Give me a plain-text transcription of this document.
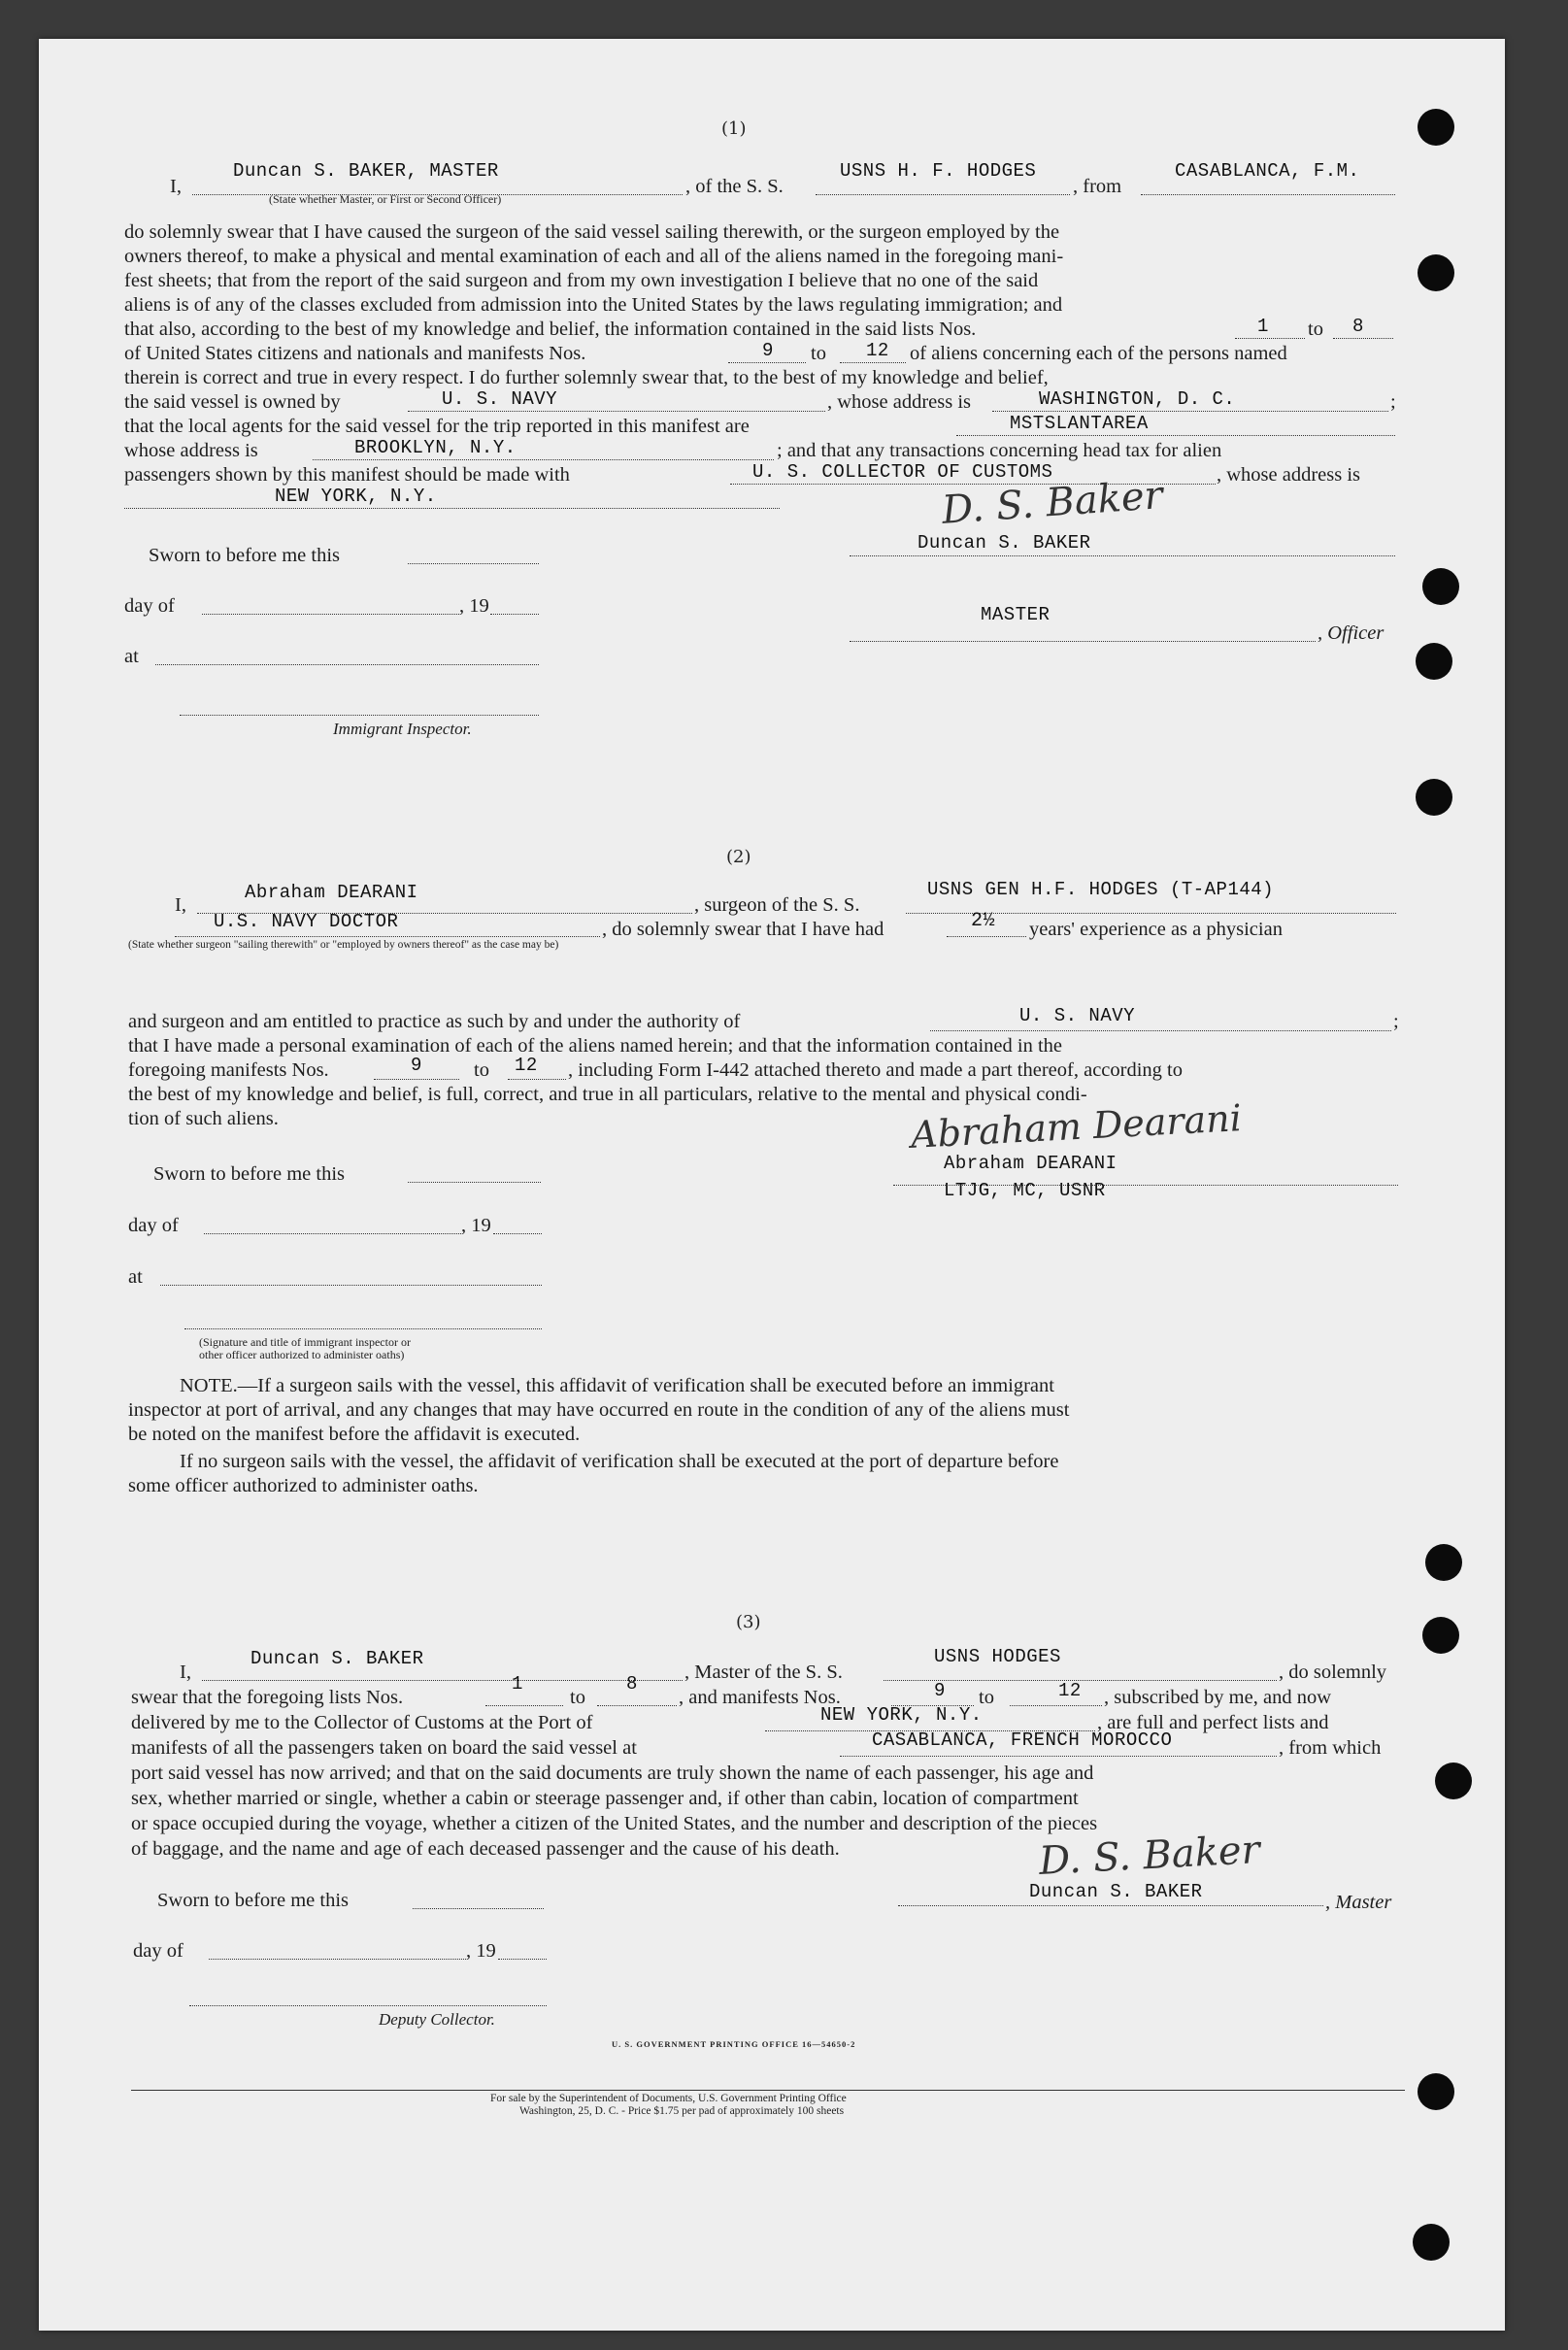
(1)
I,
Duncan S. BAKER, MASTER
(State whether Master, or First or Second Officer)
, of the S. S.
USNS H. F. HODGES
, from
CASABLANCA, F.M.
do solemnly swear that I have caused the surgeon of the said vessel sailing therewith, or the surgeon employed by the
owners thereof, to make a physical and mental examination of each and all of the aliens named in the foregoing mani-
fest sheets; that from the report of the said surgeon and from my own investigation I believe that no one of the said
aliens is of any of the classes excluded from admission into the United States by the laws regulating immigration; and
that also, according to the best of my knowledge and belief, the information contained in the said lists Nos.	1 to 8
of United States citizens and nationals and manifests Nos.	9 to 12 of aliens concerning each of the persons named
therein is correct and true in every respect. I do further solemnly swear that, to the best of my knowledge and belief,
the said vessel is owned by	U. S. NAVY	, whose address is	WASHINGTON, D. C.	;
that the local agents for the said vessel for the trip reported in this manifest are	MSTSLANTAREA
whose address is	BROOKLYN, N.Y.	; and that any transactions concerning head tax for alien
passengers shown by this manifest should be made with	U. S. COLLECTOR OF CUSTOMS	, whose address is
NEW YORK, N.Y.	D. S. Baker
Duncan S. BAKER
MASTER
, Officer
Sworn to before me this
day of	, 19
at
Immigrant Inspector.
(2)
I,
Abraham DEARANI
, surgeon of the S. S.
USNS GEN H.F. HODGES (T-AP144)
U.S. NAVY DOCTOR	, do solemnly swear that I have had	2½ years' experience as a physician
(State whether surgeon "sailing therewith" or "employed by owners thereof" as the case may be)
and surgeon and am entitled to practice as such by and under the authority of	U. S. NAVY	;
that I have made a personal examination of each of the aliens named herein; and that the information contained in the
foregoing manifests Nos.	9	to 12 , including Form I-442 attached thereto and made a part thereof, according to
the best of my knowledge and belief, is full, correct, and true in all particulars, relative to the mental and physical condi-
tion of such aliens.	Abraham Dearani
Abraham DEARANI
LTJG, MC, USNR
Sworn to before me this
day of	, 19
at
(Signature and title of immigrant inspector or
other officer authorized to administer oaths)
NOTE.—If a surgeon sails with the vessel, this affidavit of verification shall be executed before an immigrant
inspector at port of arrival, and any changes that may have occurred en route in the condition of any of the aliens must
be noted on the manifest before the affidavit is executed.
If no surgeon sails with the vessel, the affidavit of verification shall be executed at the port of departure before
some officer authorized to administer oaths.
(3)
I,
Duncan S. BAKER
, Master of the S. S.
USNS HODGES
, do solemnly
swear that the foregoing lists Nos.
1
to
8
, and manifests Nos.	9 to	12 , subscribed by me, and now
delivered by me to the Collector of Customs at the Port of	NEW YORK, N.Y.	, are full and perfect lists and
manifests of all the passengers taken on board the said vessel at	CASABLANCA, FRENCH MOROCCO	, from which
port said vessel has now arrived; and that on the said documents are truly shown the name of each passenger, his age and
sex, whether married or single, whether a cabin or steerage passenger and, if other than cabin, location of compartment
or space occupied during the voyage, whether a citizen of the United States, and the number and description of the pieces
of baggage, and the name and age of each deceased passenger and the cause of his death.	D. S. Baker
Duncan S. BAKER	, Master
Sworn to before me this
day of	, 19
Deputy Collector.
U. S. GOVERNMENT PRINTING OFFICE 16—54650-2
For sale by the Superintendent of Documents, U.S. Government Printing Office
Washington, 25, D. C. - Price $1.75 per pad of approximately 100 sheets
